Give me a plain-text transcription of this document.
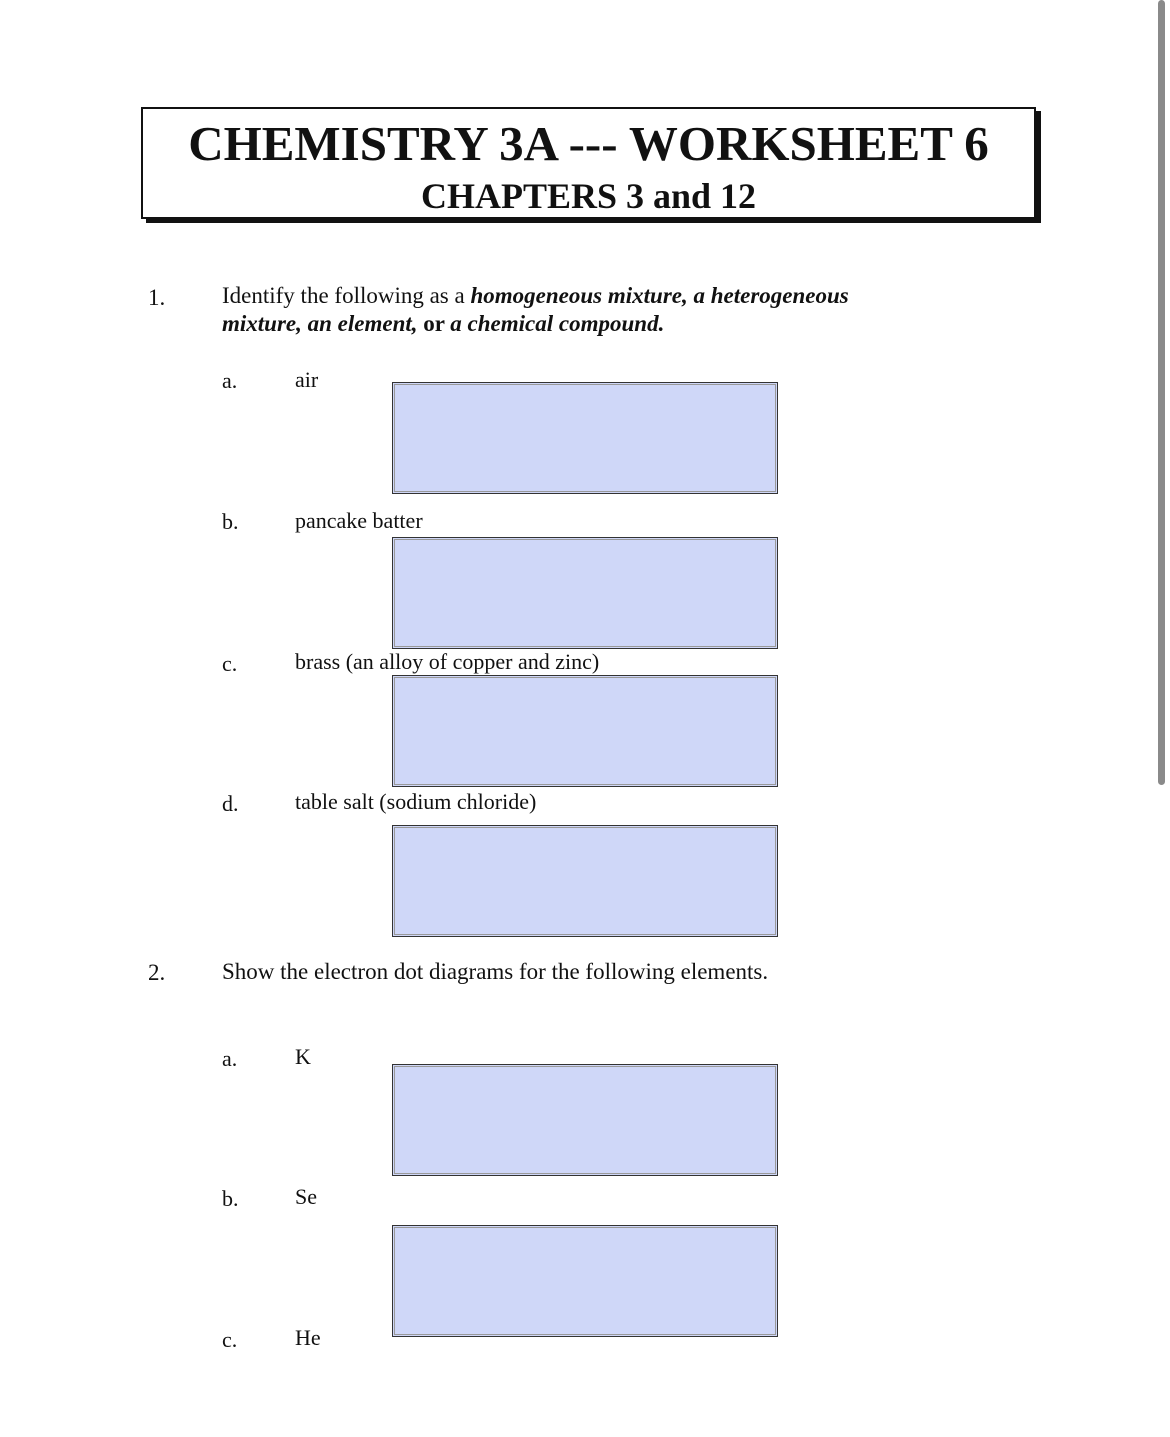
CHEMISTRY 3A --- WORKSHEET 6
CHAPTERS 3 and 12
1. Identify the following as a homogeneous mixture, a heterogeneous mixture, an element, or a chemical compound.
a.	air
b.	pancake batter
c.	brass (an alloy of copper and zinc)
d.	table salt (sodium chloride)
2. Show the electron dot diagrams for the following elements.
a.	K
b.	Se
c.	He
